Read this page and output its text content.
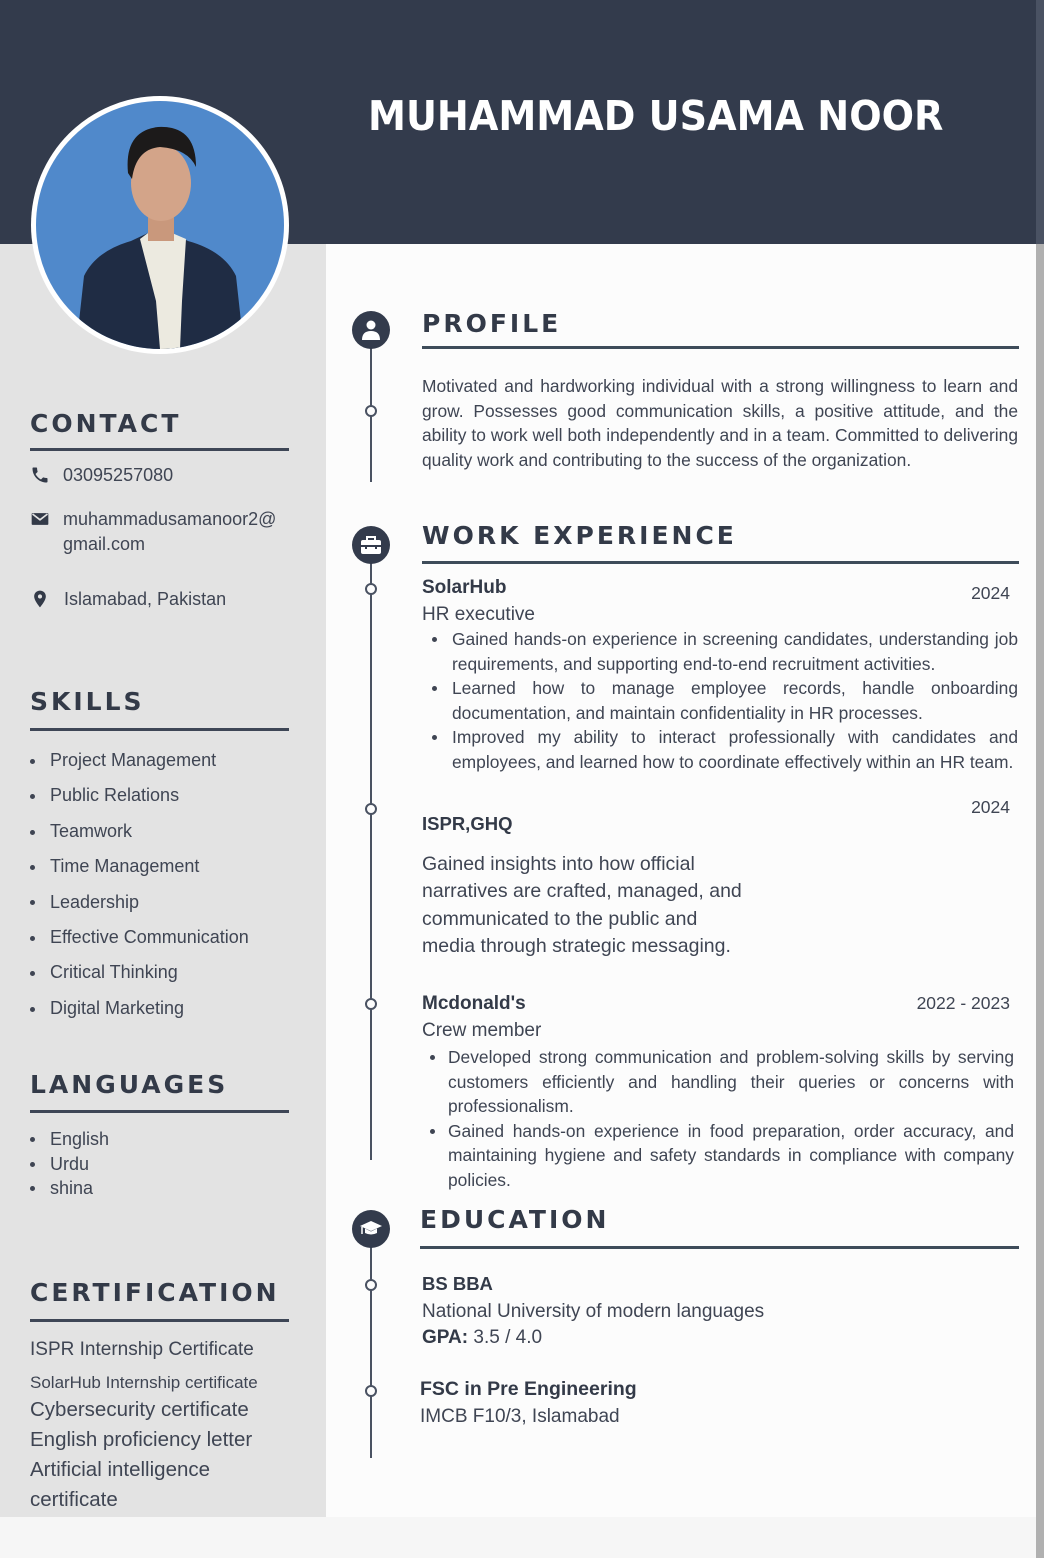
MUHAMMAD USAMA NOOR
CONTACT
03095257080
muhammadusamanoor2@
gmail.com
Islamabad, Pakistan
SKILLS
Project Management
Public Relations
Teamwork
Time Management
Leadership
Effective Communication
Critical Thinking
Digital Marketing
LANGUAGES
English
Urdu
shina
CERTIFICATION
ISPR Internship Certificate
SolarHub Internship certificate
Cybersecurity certificate
English proficiency letter
Artificial intelligence
certificate
PROFILE
Motivated and hardworking individual with a strong willingness to learn and grow. Possesses good communication skills, a positive attitude, and the ability to work well both independently and in a team. Committed to delivering quality work and contributing to the success of the organization.
WORK EXPERIENCE
SolarHub	2024
HR executive
Gained hands-on experience in screening candidates, understanding job requirements, and supporting end-to-end recruitment activities.
Learned how to manage employee records, handle onboarding documentation, and maintain confidentiality in HR processes.
Improved my ability to interact professionally with candidates and employees, and learned how to coordinate effectively within an HR team.
2024
ISPR,GHQ
Gained insights into how official
narratives are crafted, managed, and
communicated to the public and
media through strategic messaging.
Mcdonald's	2022 - 2023
Crew member
Developed strong communication and problem-solving skills by serving customers efficiently and handling their queries or concerns with professionalism.
Gained hands-on experience in food preparation, order accuracy, and maintaining hygiene and safety standards in compliance with company policies.
EDUCATION
BS BBA
National University of modern languages
GPA: 3.5 / 4.0
FSC in Pre Engineering
IMCB F10/3, Islamabad
